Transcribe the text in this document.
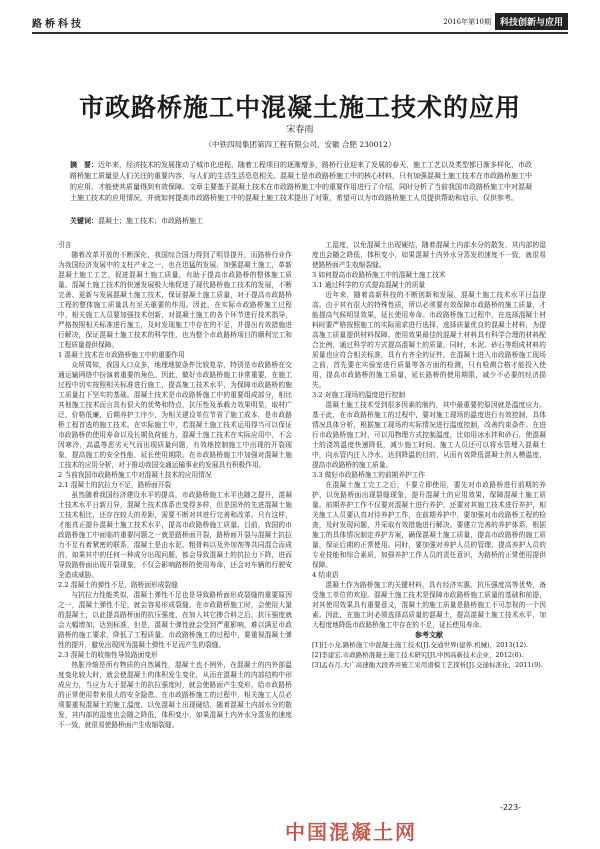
路桥科技	2016年第10期	科技创新与应用
市政路桥施工中混凝土施工技术的应用
宋春雨
（中铁四局集团第四工程有限公司，安徽 合肥 230012）
摘　要：近年来，经济技术的发展推动了城市化进程，随着工程项目的逐渐增多，路桥行业迎来了发展的春天，施工工艺以及类型都日渐多样化，市政路桥施工质量是人们关注的重要内容，与人们的生活生活息息相关。混凝土是市政路桥施工中的核心材料，只有加强混凝土施工技术在市政路桥施工中的应用，才能使其质量得到有效保障。文章主要基于混凝土技术在市政路桥施工中的重要作用进行了介绍，同时分析了当前我国市政路桥施工中对混凝土施工技术的应用情况，并就如何提高市政路桥施工中的混凝土施工技术提出了对策，希望可以为市政路桥施工人员提供帮助和启示，仅供参考。
关键词：混凝土；施工技术；市政路桥施工

引言

随着改革开放的不断深化，我国综合国力得到了明显提升，而路桥行业作为我国经济发展中的支柱产业之一，也在迅猛的发展。加强混凝土施工，革新混凝土施工工艺，促进混凝土施工质量，有助于提高市政路桥的整体施工质量。混凝土施工技术的快速发展极大地促进了现代路桥施工技术的发展，不断完善、更新与发展混凝土施工技术，保证混凝土施工质量，对于提高市政路桥工程的整体施工质量具有至关重要的作用。因此，在实际市政路桥施工过程中，相关施工人员要加强技术创新，对混凝土施工的各个环节进行技术指导，严格按照相关标准进行施工，及时发现施工中存在的不足，并提出有效措施进行解决，保证混凝土施工技术的科学性，也为整个市政路桥项目的顺利完工和工程质量提供保障。

1 混凝土技术在市政路桥施工中的重要作用

众所周知，我国人口众多，地理地貌条件比较复杂，特别是市政路桥在交通运输网络中扮演着重要的角色。因此，做好市政路桥施工非常重要，在施工过程中切实按照相关标准进行施工，提高施工技术水平，为保障市政路桥的施工质量打下坚实的基础。混凝土技术是市政路桥施工中的重要组成部分，相比其他施工技术而言具有很大的优势和特点，抗压性及承载力效果明显，取材广泛，价格低廉，后期养护工序少，为相关建设单位节省了施工成本，是市政路桥工程首选的施工技术。在实际施工中，若混凝土施工技术运用得当可以保证市政路桥的使用寿命以及长期负荷能力，混凝土施工技术在实际应用中，不会因寒冷、高温等恶劣天气而出现质量问题，有效地控制施工中出现的开裂现象，提高施工的安全性能，延长使用期限。在市政路桥施工中加强对混凝土施工技术的应用分析，对于推动我国交通运输事业的发展具有积极作用。

2 当前我国市政路桥施工中对混凝土技术的应用情况

2.1 混凝土的抗拉力不足，路桥面开裂

虽然随着我国经济建设水平的提高，市政路桥施工水平也随之提升，混凝土技术水平日新月异，混凝土技术体系也变得多样，但是国外的先进混凝土施工技术相比，还存在较大的差距，需要不断对其进行完善和改革。只有这样，才能真正提升混凝土施工技术水平，提高市政路桥施工质量。目前，我国的市政路桥施工中面临的重要问题之一就是路桥面开裂，路桥面开裂与混凝土抗拉力不足有着紧密的联系，混凝土是由水泥、粗骨料以及外加剂等共同混合而成的，如果其中的任何一种成分出现问题，都会导致混凝土的抗拉力下降，进而导致路桥面出现开裂现象，不仅会影响路桥的使用寿命，还会对车辆的行驶安全造成威胁。

2.2 混凝土的弹性不足，路桥面形成裂缝

与抗拉力性能类似，混凝土弹性不足也是导致路桥面形成裂缝的重要原因之一，混凝土弹性不足，就会容易形成裂缝。在市政路桥施工时，会使用大量的混凝土，以此提高路桥面的抗压强度，在加入其它掺合料之后，抗压强度就会大幅增加，达到标准，但是，混凝土弹性就会受到严重影响，难以满足市政路桥的施工要求，降低了工程质量。市政路桥施工的过程中，要重视混凝土弹性的提升，避免出现因为混凝土弹性不足而产生的裂缝。

2.3 混凝土的收缩性导致路面变形

热胀冷缩是所有物质的自然属性，混凝土也不例外，在混凝土的内外部温度变化较大时，就会使混凝土的体积发生变化，从而在混凝土的内部结构中形成应力，当应力大于混凝土的抗拉强度时，就会使路面产生变形，给市政路桥的正常使用带来很大的安全隐患。在市政路桥施工的过程中，相关施工人员必须要重视混凝土的施工温度，以免混凝土出现硬结，随着混凝土内部水分的散发，其内部的湿度也会随之降低，体积变小，如果混凝土内外水分蒸发的速度不一致，就很易使路桥面产生收缩裂缝。

工湿度，以免混凝土出现硬结，随着混凝土内部水分的散发，其内部的湿度也会随之降低，体积变小，如果混凝土内外水分蒸发的速度不一致，就很易使路桥面产生收缩裂缝。

3 如何提高市政路桥施工中的混凝土施工技术

3.1 通过科学的方式提高混凝土的质量

近年来，随着高新科技的不断创新和发展，混凝土施工技术水平日益提高。由于其有很大的特殊性质，所以必须要有效保障市政路桥的施工质量，才能提高气候明显效果，延长使用寿命。市政路桥施工过程中，在选择混凝土材料时要严格按照施工的实际需求进行选择，选择质量优良的混凝土材料，为提高施工质量提供材料保障。使用效果最佳的混凝土材料具有科学合理的材料配合比例，通过科学的方式提高混凝土的质量，同时，水泥、砂石等组成材料的质量也应符合相关标准，具有有齐全的证件。在混凝土进入市政路桥施工现场之前，首先要在实验室进行质量等各方面的检测，只有检测合格才能投入使用，提高市政路桥的施工质量，延长路桥的使用期限，减少不必要的经济损失。

3.2 对施工现场的温度进行控制

混凝土施工技术受到很多因素的制约，其中最重要的原因就是温度应力。基于此，在市政路桥施工的过程中，要对施工现场的温度进行有效控制，具体情况具体分析，根据施工现场的实际情况进行温度控制，改善约束条件。在进行市政路桥施工时，可以用物理方式控制温度，比如用冰水拌和砂石，使混凝土的浇筑温度快速降低，减少施工时间。施工人员还可以将水管埋入混凝土中，向水管内注入冷水，达到降温的目的，从而有效降低混凝土的人模温度，提高市政路桥的施工质量。

3.3 做好市政路桥施工的前期养护工作

在混凝土施工完工之后，不要立即使用，要先对市政路桥进行前期的养护，以免路桥面出现裂缝现象，提升混凝土的应用效果，保障混凝土施工质量。前期养护工作不仅要对混凝土进行养护，还要对其施工技术进行养护，相关施工人员要认真对待养护工作，在前期养护中，要加强对市政路桥工程的检查，及时发现问题，并采取有效措施进行解决。要建立完善的养护体系，根据施工的具体情况制定养护方案，确保混凝土施工质量，提高市政路桥的施工质量，保证后期的正常使用。同时，要加强对养护人员的管理，提高养护人员的专业技能和综合素质，加强养护工作人员的责任意识，为路桥的正常使用提供保障。

4 结束语

混凝土作为路桥施工的关键材料，具有经济实惠、抗压强度高等优势，备受施工单位的欢迎。混凝土施工技术是保障市政路桥施工质量的基础和前提，对其使用效果具有重要意义，混凝土的施工质量是路桥施工不可忽视的一个因素。因此，在施工时必须选择高质量的混凝土，提高混凝土施工技术水平，加大程度地降低市政路桥施工中存在的不足，延长使用寿命。

参考文献

[1]任小龙.路桥施工中混凝土施工技术[J].交通世界(建养.机械)，2013(12).

[2]李建宏.市政路桥混凝土施工技术研究[J].中国高新技术企业，2012(6).

[3]孟春月.大广高速衡大段养并施工采用滑模工艺探析[J].交通标准化，2011(9).

-223-
中国混凝土网
